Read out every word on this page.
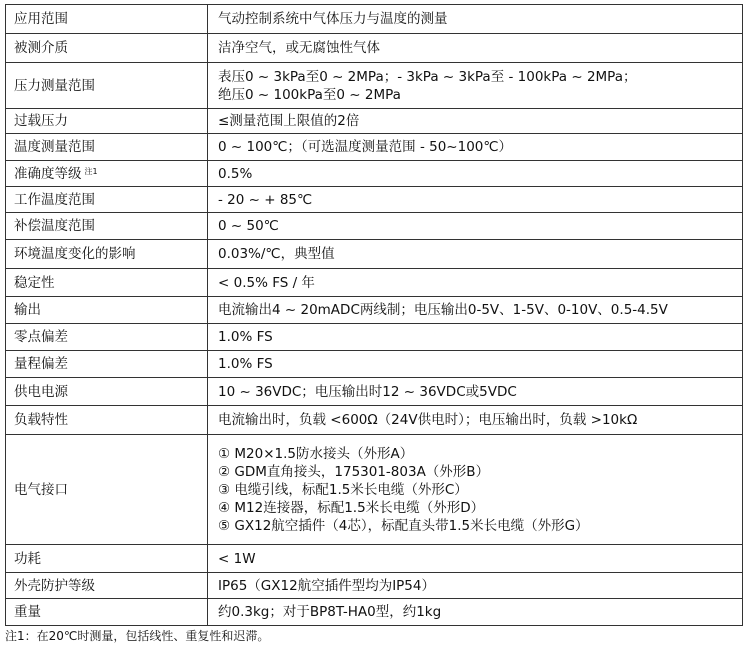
应用范围	气动控制系统中气体压力与温度的测量

被测介质	洁净空气，或无腐蚀性气体

压力测量范围	表压0 ~ 3kPa至0 ~ 2MPa；- 3kPa ~ 3kPa至 - 100kPa ~ 2MPa；
绝压0 ~ 100kPa至0 ~ 2MPa

过载压力	≤测量范围上限值的2倍

温度测量范围	0 ~ 100℃；（可选温度测量范围 - 50~100℃）

准确度等级 $^{注1}$	0.5%

工作温度范围	- 20 ~ + 85℃

补偿温度范围	0 ~ 50℃

环境温度变化的影响	0.03%/℃，典型值

稳定性	< 0.5% FS / 年

输出	电流输出4 ~ 20mADC两线制；电压输出0-5V、1-5V、0-10V、0.5-4.5V

零点偏差	1.0% FS

量程偏差	1.0% FS

供电电源	10 ~ 36VDC；电压输出时12 ~ 36VDC或5VDC

负载特性	电流输出时，负载 <600Ω（24V供电时）；电压输出时，负载 >10kΩ

电气接口	① M20×1.5防水接头（外形A）
② GDM直角接头，175301-803A（外形B）
③ 电缆引线，标配1.5米长电缆（外形C）
④ M12连接器，标配1.5米长电缆（外形D）
⑤ GX12航空插件（4芯），标配直头带1.5米长电缆（外形G）

功耗	< 1W

外壳防护等级	IP65（GX12航空插件型均为IP54）

重量	约0.3kg；对于BP8T-HA0型，约1kg
注1：在20℃时测量，包括线性、重复性和迟滞。
